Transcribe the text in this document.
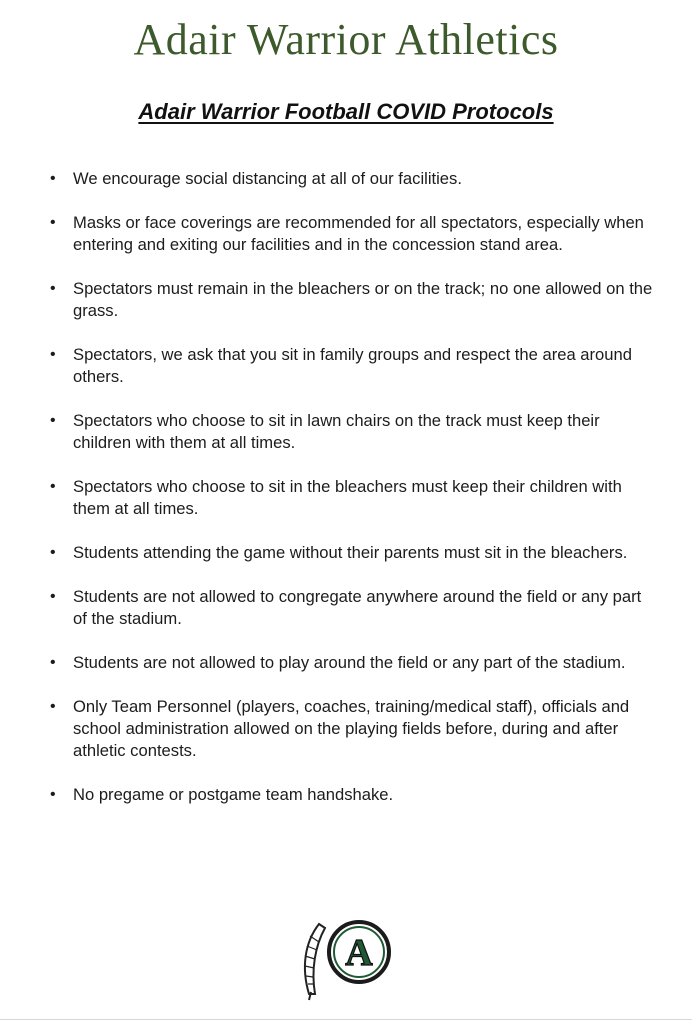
Adair Warrior Athletics
Adair Warrior Football COVID Protocols
• We encourage social distancing at all of our facilities.
• Masks or face coverings are recommended for all spectators, especially when entering and exiting our facilities and in the concession stand area.
• Spectators must remain in the bleachers or on the track; no one allowed on the grass.
• Spectators, we ask that you sit in family groups and respect the area around others.
• Spectators who choose to sit in lawn chairs on the track must keep their children with them at all times.
• Spectators who choose to sit in the bleachers must keep their children with them at all times.
• Students attending the game without their parents must sit in the bleachers.
• Students are not allowed to congregate anywhere around the field or any part of the stadium.
• Students are not allowed to play around the field or any part of the stadium.
• Only Team Personnel (players, coaches, training/medical staff), officials and school administration allowed on the playing fields before, during and after athletic contests.
• No pregame or postgame team handshake.
A
